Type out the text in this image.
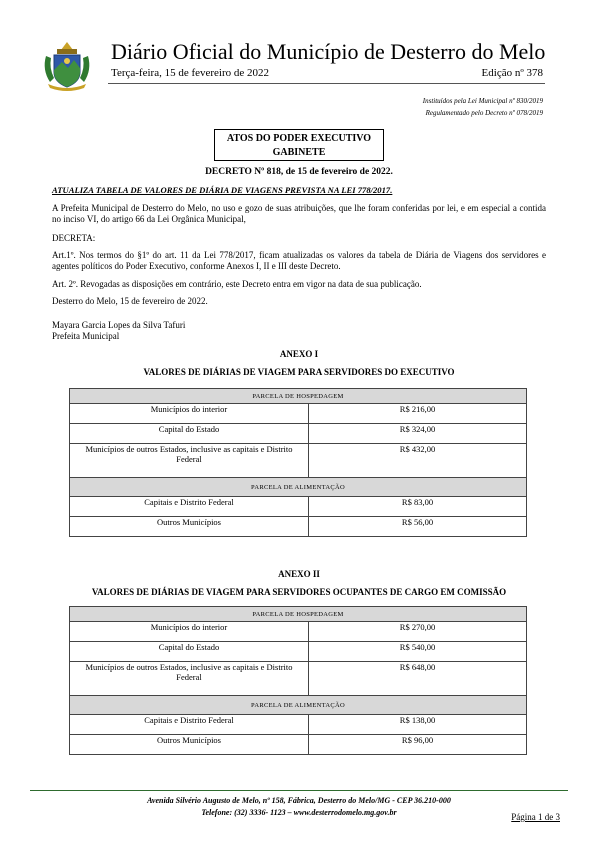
Diário Oficial do Município de Desterro do Melo
Terça-feira, 15 de fevereiro de 2022	Edição nº 378
Instituídos pela Lei Municipal nº 830/2019
Regulamentado pelo Decreto nº 078/2019
ATOS DO PODER EXECUTIVO
GABINETE
DECRETO Nº 818, de 15 de fevereiro de 2022.
ATUALIZA TABELA DE VALORES DE DIÁRIA DE VIAGENS PREVISTA NA LEI 778/2017.
A Prefeita Municipal de Desterro do Melo, no uso e gozo de suas atribuições, que lhe foram conferidas por lei, e em especial a contida no inciso VI, do artigo 66 da Lei Orgânica Municipal,
DECRETA:
Art.1º. Nos termos do §1º do art. 11 da Lei 778/2017, ficam atualizadas os valores da tabela de Diária de Viagens dos servidores e agentes políticos do Poder Executivo, conforme Anexos I, II e III deste Decreto.
Art. 2º. Revogadas as disposições em contrário, este Decreto entra em vigor na data de sua publicação.
Desterro do Melo, 15 de fevereiro de 2022.
Mayara Garcia Lopes da Silva Tafuri
Prefeita Municipal
ANEXO I
VALORES DE DIÁRIAS DE VIAGEM PARA SERVIDORES DO EXECUTIVO
PARCELA DE HOSPEDAGEM	
Municípios do interior	R$ 216,00
Capital do Estado	R$ 324,00
Municípios de outros Estados, inclusive as capitais e Distrito Federal	R$ 432,00
PARCELA DE ALIMENTAÇÃO	
Capitais e Distrito Federal	R$ 83,00
Outros Municípios	R$ 56,00
ANEXO II
VALORES DE DIÁRIAS DE VIAGEM PARA SERVIDORES OCUPANTES DE CARGO EM COMISSÃO
PARCELA DE HOSPEDAGEM	
Municípios do interior	R$ 270,00
Capital do Estado	R$ 540,00
Municípios de outros Estados, inclusive as capitais e Distrito Federal	R$ 648,00
PARCELA DE ALIMENTAÇÃO	
Capitais e Distrito Federal	R$ 138,00
Outros Municípios	R$ 96,00
Avenida Silvério Augusto de Melo, nº 158, Fábrica, Desterro do Melo/MG - CEP 36.210-000
Telefone: (32) 3336- 1123 – www.desterrodomelo.mg.gov.br	Página 1 de 3
